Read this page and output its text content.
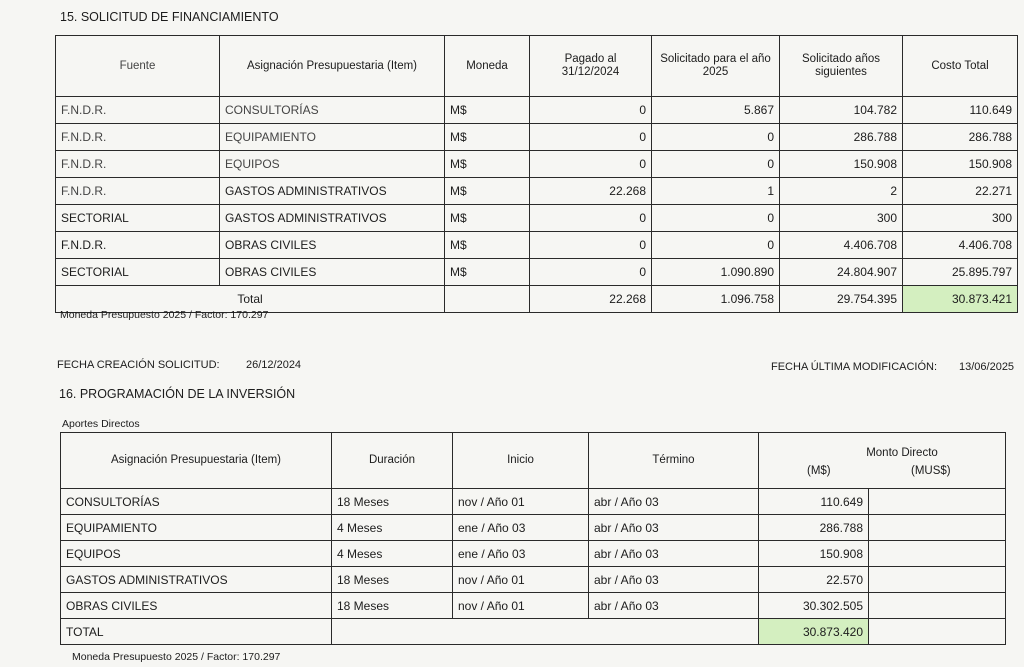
15. SOLICITUD DE FINANCIAMIENTO
Fuente	Asignación Presupuestaria (Item)	Moneda	Pagado al 31/12/2024	Solicitado para el año 2025	Solicitado años siguientes	Costo Total
F.N.D.R.	CONSULTORÍAS	M$	0	5.867	104.782	110.649
F.N.D.R.	EQUIPAMIENTO	M$	0	0	286.788	286.788
F.N.D.R.	EQUIPOS	M$	0	0	150.908	150.908
F.N.D.R.	GASTOS ADMINISTRATIVOS	M$	22.268	1	2	22.271
SECTORIAL	GASTOS ADMINISTRATIVOS	M$	0	0	300	300
F.N.D.R.	OBRAS CIVILES	M$	0	0	4.406.708	4.406.708
SECTORIAL	OBRAS CIVILES	M$	0	1.090.890	24.804.907	25.895.797
Total			22.268	1.096.758	29.754.395	30.873.421
Moneda Presupuesto 2025 / Factor: 170.297
FECHA CREACIÓN SOLICITUD: 26/12/2024	FECHA ÚLTIMA MODIFICACIÓN: 13/06/2025
16. PROGRAMACIÓN DE LA INVERSIÓN
Aportes Directos
Asignación Presupuestaria (Item)	Duración	Inicio	Término	Monto Directo
(M$) (MUS$)	

CONSULTORÍAS	18 Meses	nov / Año 01	abr / Año 03	110.649	
EQUIPAMIENTO	4 Meses	ene / Año 03	abr / Año 03	286.788	
EQUIPOS	4 Meses	ene / Año 03	abr / Año 03	150.908	
GASTOS ADMINISTRATIVOS	18 Meses	nov / Año 01	abr / Año 03	22.570	
OBRAS CIVILES	18 Meses	nov / Año 01	abr / Año 03	30.302.505	
TOTAL				30.873.420	
Moneda Presupuesto 2025 / Factor: 170.297
